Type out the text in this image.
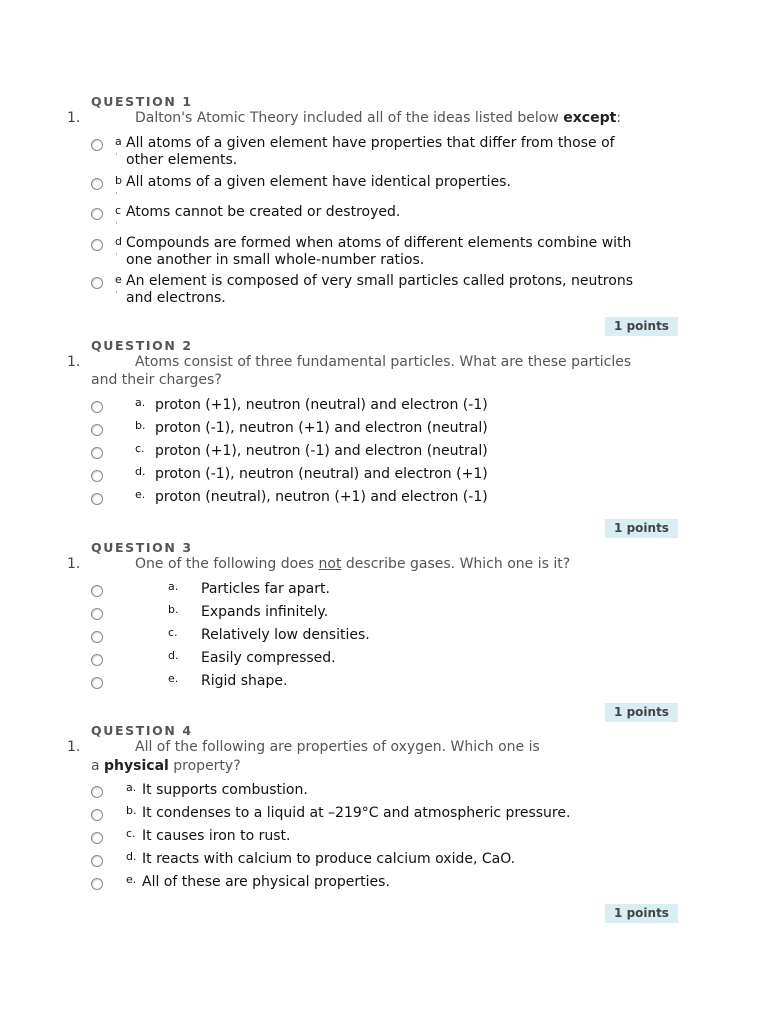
QUESTION 1
1.	Dalton's Atomic Theory included all of the ideas listed below except:
a
·
All atoms of a given element have properties that differ from those of
other elements.
b
·
All atoms of a given element have identical properties.
c
·
Atoms cannot be created or destroyed.
d
·
Compounds are formed when atoms of different elements combine with
one another in small whole-number ratios.
e
·
An element is composed of very small particles called protons, neutrons
and electrons.
1 points
QUESTION 2
1.	Atoms consist of three fundamental particles. What are these particles
and their charges?
a. proton (+1), neutron (neutral) and electron (-1)
b. proton (-1), neutron (+1) and electron (neutral)
c. proton (+1), neutron (-1) and electron (neutral)
d. proton (-1), neutron (neutral) and electron (+1)
e. proton (neutral), neutron (+1) and electron (-1)
1 points
QUESTION 3
1.	One of the following does not describe gases. Which one is it?
a. Particles far apart.
b. Expands infinitely.
c. Relatively low densities.
d. Easily compressed.
e. Rigid shape.
1 points
QUESTION 4
1.	All of the following are properties of oxygen. Which one is
a physical property?
a. It supports combustion.
b. It condenses to a liquid at –219°C and atmospheric pressure.
c. It causes iron to rust.
d. It reacts with calcium to produce calcium oxide, CaO.
e. All of these are physical properties.
1 points
